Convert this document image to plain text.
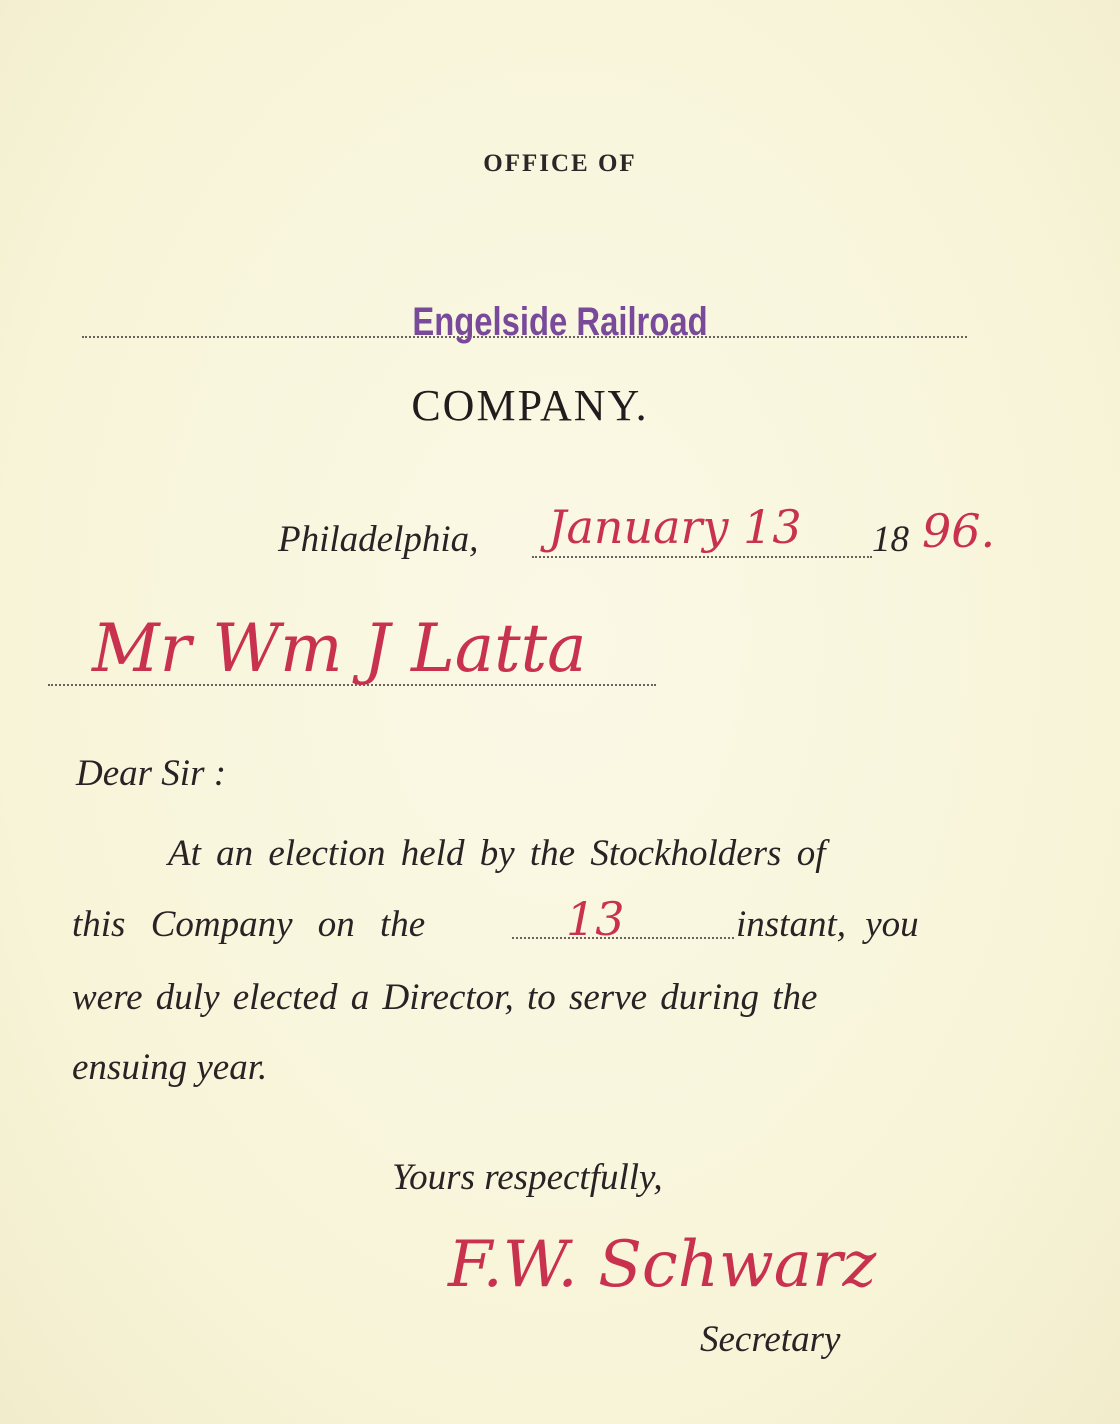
OFFICE OF
Engelside Railroad
COMPANY.
Philadelphia, January 13 18 96.
Mr Wm J Latta
Dear Sir :
At an election held by the Stockholders of
this Company on the	13	instant, you
were duly elected a Director, to serve during the
ensuing year.
Yours respectfully,
F.W. Schwarz
Secretary
